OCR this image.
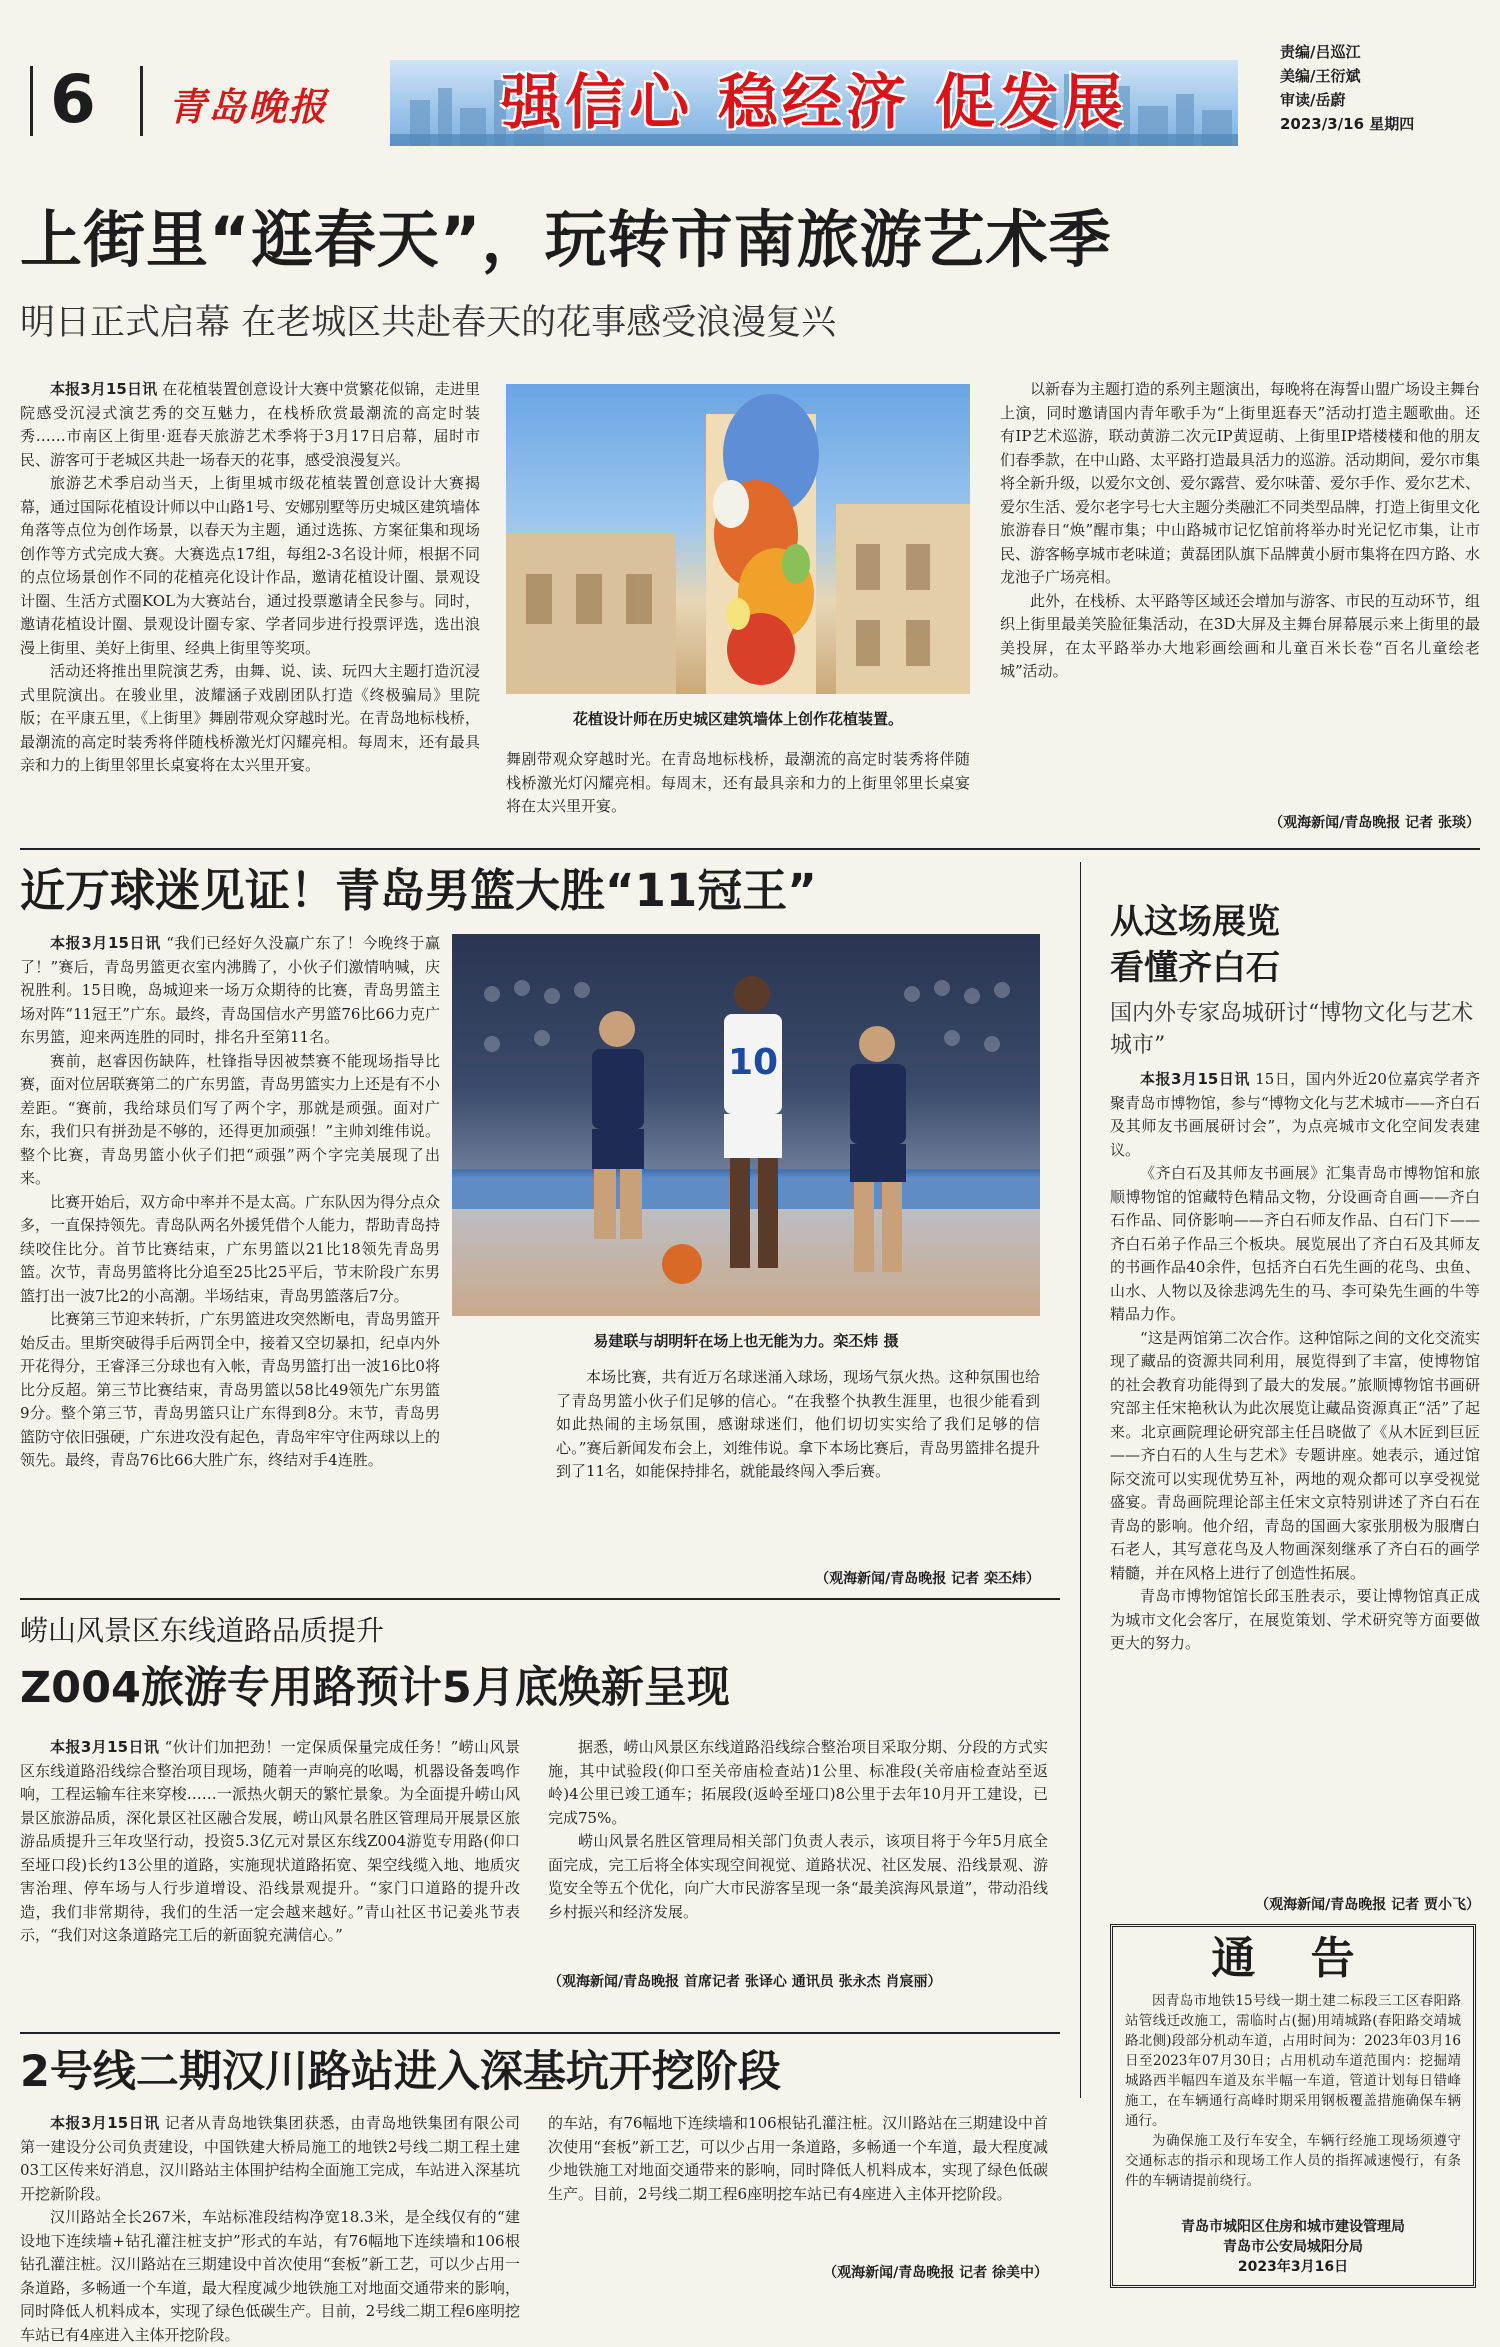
6 青岛晚报	强信心 稳经济 促发展
责编/吕巡江
美编/王衍斌
审读/岳蔚
2023/3/16 星期四
上街里“逛春天”，玩转市南旅游艺术季
明日正式启幕 在老城区共赴春天的花事感受浪漫复兴

本报3月15日讯 在花植装置创意设计大赛中赏繁花似锦，走进里院感受沉浸式演艺秀的交互魅力，在栈桥欣赏最潮流的高定时装秀……市南区上街里·逛春天旅游艺术季将于3月17日启幕，届时市民、游客可于老城区共赴一场春天的花事，感受浪漫复兴。

旅游艺术季启动当天，上街里城市级花植装置创意设计大赛揭幕，通过国际花植设计师以中山路1号、安娜别墅等历史城区建筑墙体角落等点位为创作场景，以春天为主题，通过选拣、方案征集和现场创作等方式完成大赛。大赛选点17组，每组2-3名设计师，根据不同的点位场景创作不同的花植亮化设计作品，邀请花植设计圈、景观设计圈、生活方式圈KOL为大赛站台，通过投票邀请全民参与。同时，邀请花植设计圈、景观设计圈专家、学者同步进行投票评选，选出浪漫上街里、美好上街里、经典上街里等奖项。

活动还将推出里院演艺秀，由舞、说、读、玩四大主题打造沉浸式里院演出。在骏业里，波耀涵子戏剧团队打造《终极骗局》里院版；在平康五里，《上街里》舞剧带观众穿越时光。在青岛地标栈桥，最潮流的高定时装秀将伴随栈桥激光灯闪耀亮相。每周末，还有最具亲和力的上街里邻里长桌宴将在太兴里开宴。

花植设计师在历史城区建筑墙体上创作花植装置。

舞剧带观众穿越时光。在青岛地标栈桥，最潮流的高定时装秀将伴随栈桥激光灯闪耀亮相。每周末，还有最具亲和力的上街里邻里长桌宴将在太兴里开宴。

以新春为主题打造的系列主题演出，每晚将在海誓山盟广场设主舞台上演，同时邀请国内青年歌手为“上街里逛春天”活动打造主题歌曲。还有IP艺术巡游，联动黄游二次元IP黄逗萌、上街里IP塔楼楼和他的朋友们春季款，在中山路、太平路打造最具活力的巡游。活动期间，爱尔市集将全新升级，以爱尔文创、爱尔露营、爱尔味蕾、爱尔手作、爱尔艺术、爱尔生活、爱尔老字号七大主题分类融汇不同类型品牌，打造上街里文化旅游春日“焕”醒市集；中山路城市记忆馆前将举办时光记忆市集，让市民、游客畅享城市老味道；黄磊团队旗下品牌黄小厨市集将在四方路、水龙池子广场亮相。

此外，在栈桥、太平路等区域还会增加与游客、市民的互动环节，组织上街里最美笑脸征集活动，在3D大屏及主舞台屏幕展示来上街里的最美投屏，在太平路举办大地彩画绘画和儿童百米长卷“百名儿童绘老城”活动。

（观海新闻/青岛晚报 记者 张琰）
近万球迷见证！青岛男篮大胜“11冠王”

本报3月15日讯 “我们已经好久没赢广东了！今晚终于赢了！”赛后，青岛男篮更衣室内沸腾了，小伙子们激情呐喊，庆祝胜利。15日晚，岛城迎来一场万众期待的比赛，青岛男篮主场对阵“11冠王”广东。最终，青岛国信水产男篮76比66力克广东男篮，迎来两连胜的同时，排名升至第11名。

赛前，赵睿因伤缺阵，杜锋指导因被禁赛不能现场指导比赛，面对位居联赛第二的广东男篮，青岛男篮实力上还是有不小差距。“赛前，我给球员们写了两个字，那就是顽强。面对广东，我们只有拼劲是不够的，还得更加顽强！”主帅刘维伟说。整个比赛，青岛男篮小伙子们把“顽强”两个字完美展现了出来。

比赛开始后，双方命中率并不是太高。广东队因为得分点众多，一直保持领先。青岛队两名外援凭借个人能力，帮助青岛持续咬住比分。首节比赛结束，广东男篮以21比18领先青岛男篮。次节，青岛男篮将比分追至25比25平后，节末阶段广东男篮打出一波7比2的小高潮。半场结束，青岛男篮落后7分。

比赛第三节迎来转折，广东男篮进攻突然断电，青岛男篮开始反击。里斯突破得手后两罚全中，接着又空切暴扣，纪卓内外开花得分，王睿泽三分球也有入帐，青岛男篮打出一波16比0将比分反超。第三节比赛结束，青岛男篮以58比49领先广东男篮9分。整个第三节，青岛男篮只让广东得到8分。末节，青岛男篮防守依旧强硬，广东进攻没有起色，青岛牢牢守住两球以上的领先。最终，青岛76比66大胜广东，终结对手4连胜。

10
易建联与胡明轩在场上也无能为力。栾丕炜 摄

本场比赛，共有近万名球迷涌入球场，现场气氛火热。这种氛围也给了青岛男篮小伙子们足够的信心。“在我整个执教生涯里，也很少能看到如此热闹的主场氛围，感谢球迷们，他们切切实实给了我们足够的信心。”赛后新闻发布会上，刘维伟说。拿下本场比赛后，青岛男篮排名提升到了11名，如能保持排名，就能最终闯入季后赛。

（观海新闻/青岛晚报 记者 栾丕炜）
崂山风景区东线道路品质提升
Z004旅游专用路预计5月底焕新呈现

本报3月15日讯 “伙计们加把劲！一定保质保量完成任务！”崂山风景区东线道路沿线综合整治项目现场，随着一声响亮的吆喝，机器设备轰鸣作响，工程运输车往来穿梭……一派热火朝天的繁忙景象。为全面提升崂山风景区旅游品质，深化景区社区融合发展，崂山风景名胜区管理局开展景区旅游品质提升三年攻坚行动，投资5.3亿元对景区东线Z004游览专用路(仰口至垭口段)长约13公里的道路，实施现状道路拓宽、架空线缆入地、地质灾害治理、停车场与人行步道增设、沿线景观提升。“家门口道路的提升改造，我们非常期待，我们的生活一定会越来越好。”青山社区书记姜兆节表示，“我们对这条道路完工后的新面貌充满信心。”

据悉，崂山风景区东线道路沿线综合整治项目采取分期、分段的方式实施，其中试验段(仰口至关帝庙检查站)1公里、标准段(关帝庙检查站至返岭)4公里已竣工通车；拓展段(返岭至垭口)8公里于去年10月开工建设，已完成75%。

崂山风景名胜区管理局相关部门负责人表示，该项目将于今年5月底全面完成，完工后将全体实现空间视觉、道路状况、社区发展、沿线景观、游览安全等五个优化，向广大市民游客呈现一条“最美滨海风景道”，带动沿线乡村振兴和经济发展。

（观海新闻/青岛晚报 首席记者 张译心 通讯员 张永杰 肖宸丽）
2号线二期汉川路站进入深基坑开挖阶段

本报3月15日讯 记者从青岛地铁集团获悉，由青岛地铁集团有限公司第一建设分公司负责建设，中国铁建大桥局施工的地铁2号线二期工程土建03工区传来好消息，汉川路站主体围护结构全面施工完成，车站进入深基坑开挖新阶段。

汉川路站全长267米，车站标准段结构净宽18.3米，是全线仅有的“建设地下连续墙+钻孔灌注桩支护”形式的车站，有76幅地下连续墙和106根钻孔灌注桩。汉川路站在三期建设中首次使用“套板”新工艺，可以少占用一条道路，多畅通一个车道，最大程度减少地铁施工对地面交通带来的影响，同时降低人机料成本，实现了绿色低碳生产。目前，2号线二期工程6座明挖车站已有4座进入主体开挖阶段。

的车站，有76幅地下连续墙和106根钻孔灌注桩。汉川路站在三期建设中首次使用“套板”新工艺，可以少占用一条道路，多畅通一个车道，最大程度减少地铁施工对地面交通带来的影响，同时降低人机料成本，实现了绿色低碳生产。目前，2号线二期工程6座明挖车站已有4座进入主体开挖阶段。

（观海新闻/青岛晚报 记者 徐美中）
从这场展览
看懂齐白石
国内外专家岛城研讨“博物文化与艺术城市”

本报3月15日讯 15日，国内外近20位嘉宾学者齐聚青岛市博物馆，参与“博物文化与艺术城市——齐白石及其师友书画展研讨会”，为点亮城市文化空间发表建议。

《齐白石及其师友书画展》汇集青岛市博物馆和旅顺博物馆的馆藏特色精品文物，分设画奇自画——齐白石作品、同侪影响——齐白石师友作品、白石门下——齐白石弟子作品三个板块。展览展出了齐白石及其师友的书画作品40余件，包括齐白石先生画的花鸟、虫鱼、山水、人物以及徐悲鸿先生的马、李可染先生画的牛等精品力作。

“这是两馆第二次合作。这种馆际之间的文化交流实现了藏品的资源共同利用，展览得到了丰富，使博物馆的社会教育功能得到了最大的发展。”旅顺博物馆书画研究部主任宋艳秋认为此次展览让藏品资源真正“活”了起来。北京画院理论研究部主任吕晓做了《从木匠到巨匠——齐白石的人生与艺术》专题讲座。她表示，通过馆际交流可以实现优势互补，两地的观众都可以享受视觉盛宴。青岛画院理论部主任宋文京特别讲述了齐白石在青岛的影响。他介绍，青岛的国画大家张朋极为服膺白石老人，其写意花鸟及人物画深刻继承了齐白石的画学精髓，并在风格上进行了创造性拓展。

青岛市博物馆馆长邱玉胜表示，要让博物馆真正成为城市文化会客厅，在展览策划、学术研究等方面要做更大的努力。

（观海新闻/青岛晚报 记者 贾小飞）
通 告

因青岛市地铁15号线一期土建二标段三工区春阳路站管线迁改施工，需临时占(掘)用靖城路(春阳路交靖城路北侧)段部分机动车道，占用时间为：2023年03月16日至2023年07月30日；占用机动车道范围内：挖掘靖城路西半幅四车道及东半幅一车道，管道计划每日错峰施工，在车辆通行高峰时期采用钢板覆盖措施确保车辆通行。

为确保施工及行车安全，车辆行经施工现场须遵守交通标志的指示和现场工作人员的指挥减速慢行，有条件的车辆请提前绕行。

青岛市城阳区住房和城市建设管理局
青岛市公安局城阳分局
2023年3月16日
